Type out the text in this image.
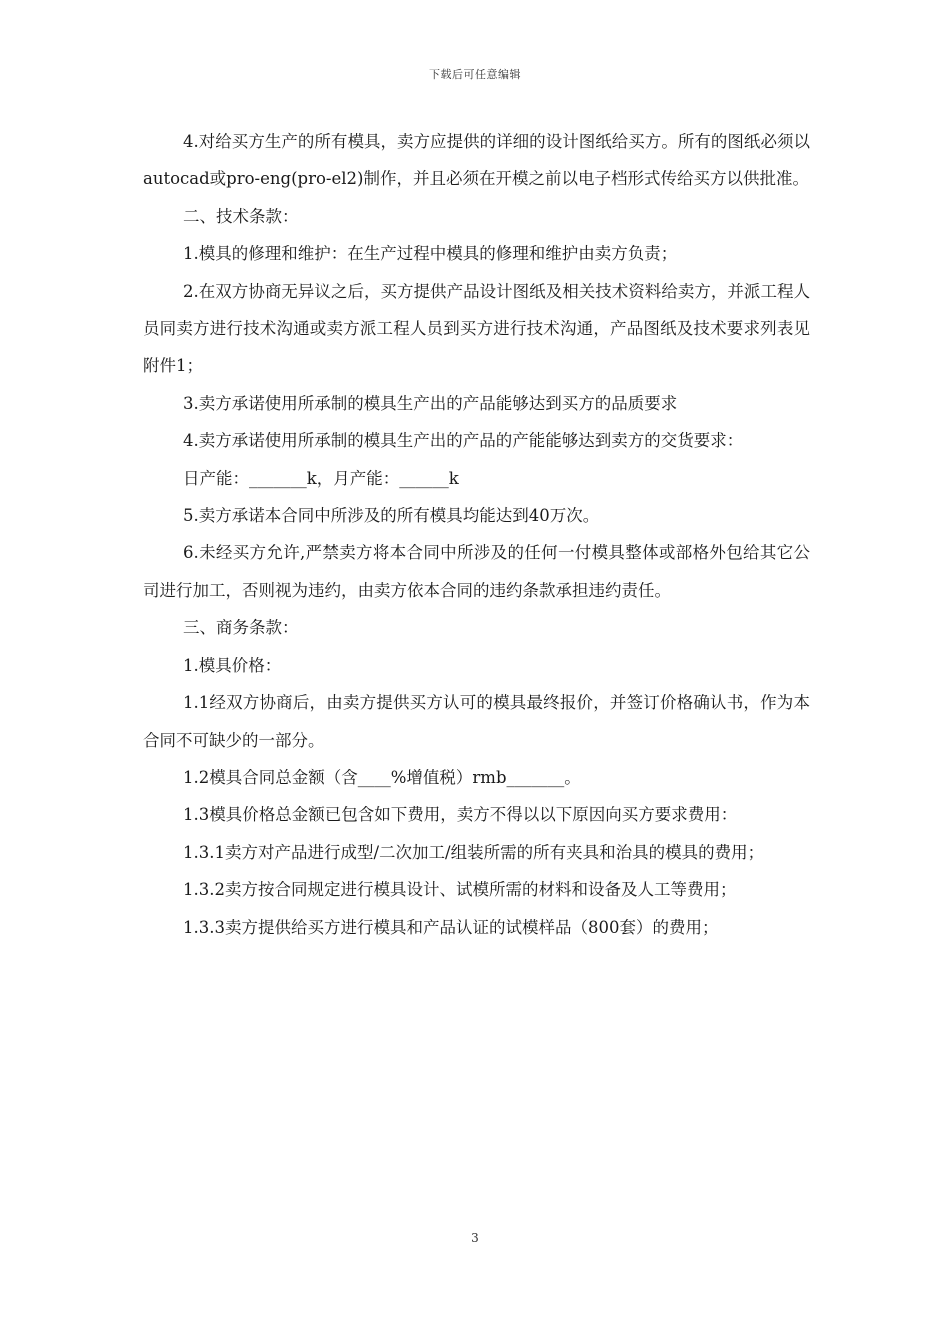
下载后可任意编辑

4.对给买方生产的所有模具，卖方应提供的详细的设计图纸给买方。所有的图纸必须以autocad或pro-eng(pro-el2)制作，并且必须在开模之前以电子档形式传给买方以供批准。

二、技术条款：

1.模具的修理和维护：在生产过程中模具的修理和维护由卖方负责；

2.在双方协商无异议之后，买方提供产品设计图纸及相关技术资料给卖方，并派工程人员同卖方进行技术沟通或卖方派工程人员到买方进行技术沟通，产品图纸及技术要求列表见附件1；

3.卖方承诺使用所承制的模具生产出的产品能够达到买方的品质要求

4.卖方承诺使用所承制的模具生产出的产品的产能能够达到卖方的交货要求：

日产能：_______k，月产能：______k

5.卖方承诺本合同中所涉及的所有模具均能达到40万次。

6.未经买方允许,严禁卖方将本合同中所涉及的任何一付模具整体或部格外包给其它公司进行加工，否则视为违约，由卖方依本合同的违约条款承担违约责任。

三、商务条款：

1.模具价格：

1.1经双方协商后，由卖方提供买方认可的模具最终报价，并签订价格确认书，作为本合同不可缺少的一部分。

1.2模具合同总金额（含____%增值税）rmb_______。

1.3模具价格总金额已包含如下费用，卖方不得以以下原因向买方要求费用：

1.3.1卖方对产品进行成型/二次加工/组装所需的所有夹具和治具的模具的费用；

1.3.2卖方按合同规定进行模具设计、试模所需的材料和设备及人工等费用；

1.3.3卖方提供给买方进行模具和产品认证的试模样品（800套）的费用；

3
